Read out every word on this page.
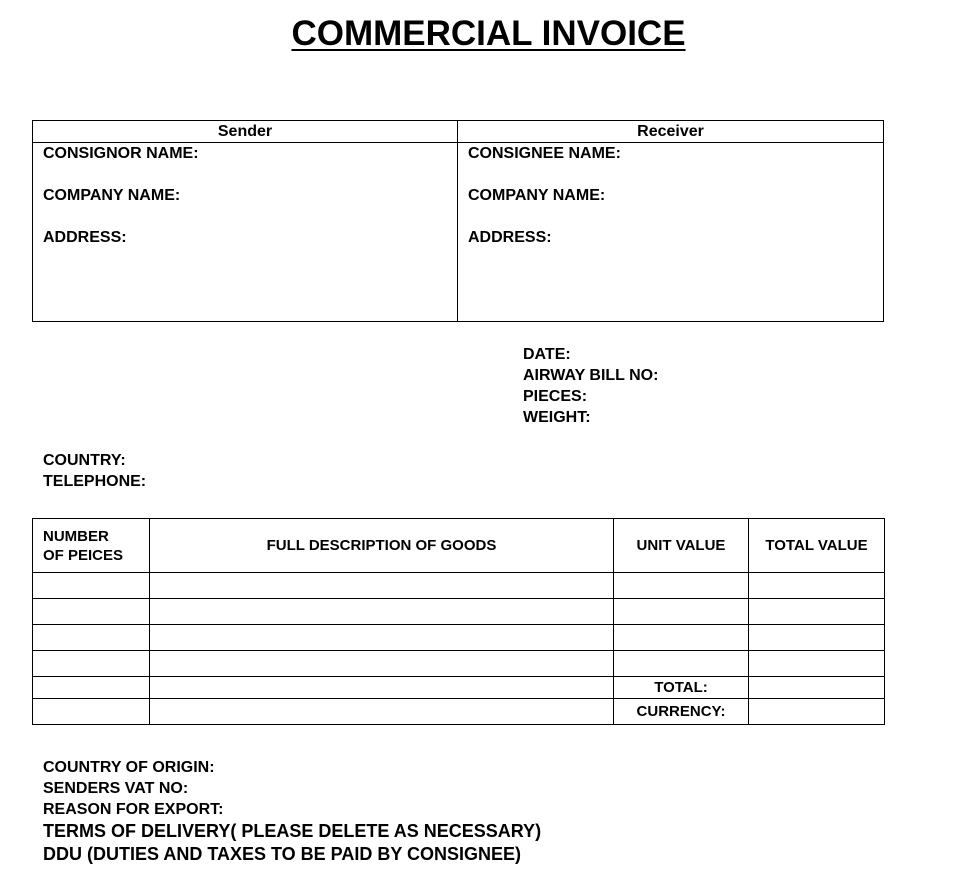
COMMERCIAL INVOICE
Sender
CONSIGNOR NAME:
COMPANY NAME:
ADDRESS:
Receiver
CONSIGNEE NAME:
COMPANY NAME:
ADDRESS:
DATE:
AIRWAY BILL NO:
PIECES:
WEIGHT:
COUNTRY:
TELEPHONE:
NUMBER
OF PEICES	FULL DESCRIPTION OF GOODS	UNIT VALUE	TOTAL VALUE

		TOTAL:	
		CURRENCY:	
COUNTRY OF ORIGIN:
SENDERS VAT NO:
REASON FOR EXPORT:
TERMS OF DELIVERY( PLEASE DELETE AS NECESSARY)
DDU (DUTIES AND TAXES TO BE PAID BY CONSIGNEE)
